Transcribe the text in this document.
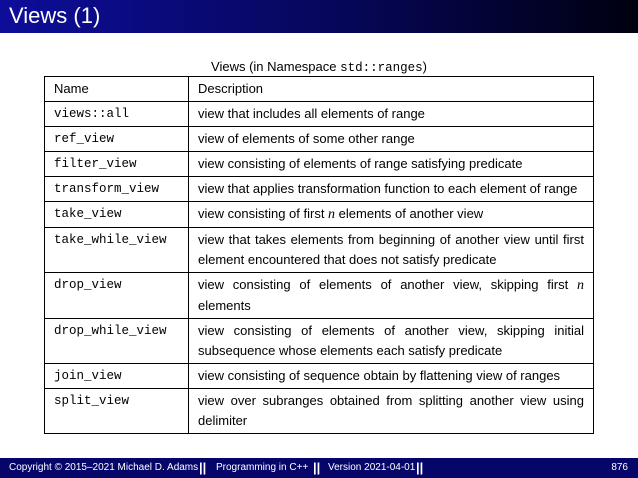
Views (1)
Views (in Namespace std::ranges)
Name	Description
views::all	view that includes all elements of range
ref_view	view of elements of some other range
filter_view	view consisting of elements of range satisfying predicate
transform_view	view that applies transformation function to each element of range
take_view	view consisting of first n elements of another view
take_while_view	view that takes elements from beginning of another view until first element encountered that does not satisfy predicate
drop_view	view consisting of elements of another view, skipping first n elements
drop_while_view	view consisting of elements of another view, skipping initial subsequence whose elements each satisfy predicate
join_view	view consisting of sequence obtain by flattening view of ranges
split_view	view over subranges obtained from splitting another view using delimiter
Copyright © 2015–2021 Michael D. Adams || Programming in C++ || Version 2021-04-01 ||	876
